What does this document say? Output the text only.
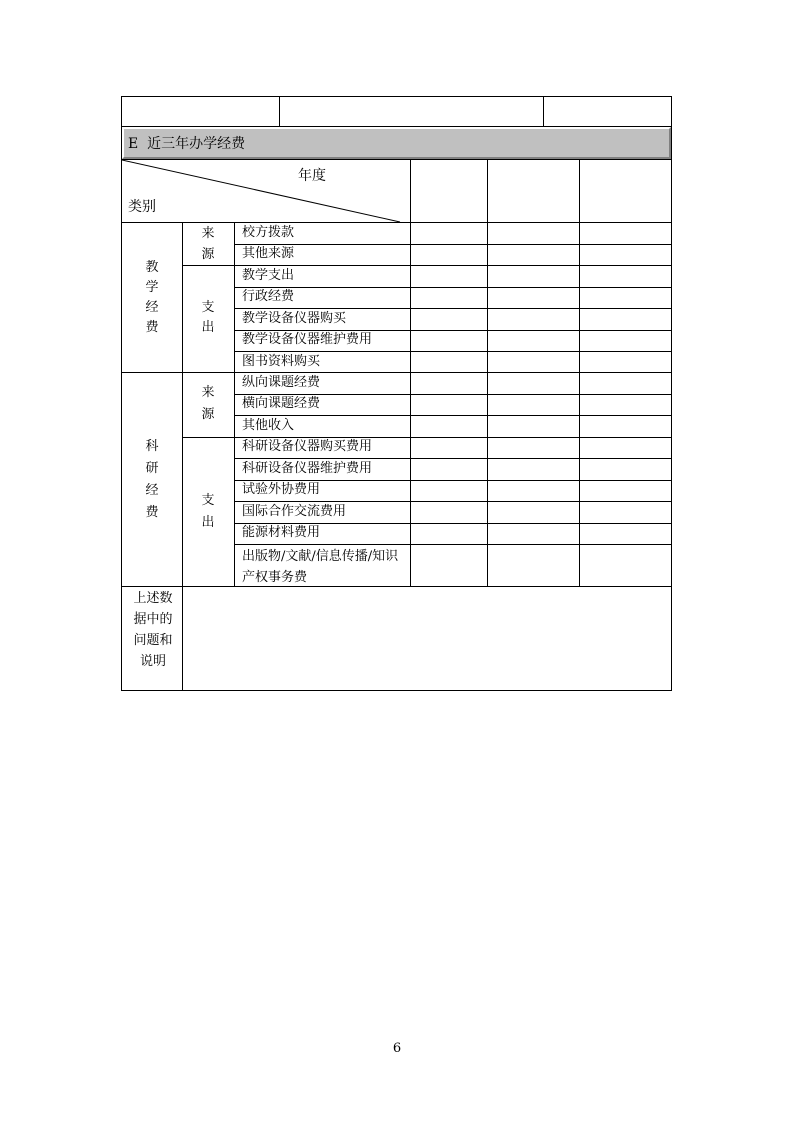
E  近三年办学经费
年度
类别
教学经费
来源
支出
校方拨款
其他来源
教学支出
行政经费
教学设备仪器购买
教学设备仪器维护费用
图书资料购买
科研经费
来源
支出
纵向课题经费
横向课题经费
其他收入
科研设备仪器购买费用
科研设备仪器维护费用
试验外协费用
国际合作交流费用
能源材料费用
出版物/文献/信息传播/知识产权事务费
上述数据中的问题和说明
6
